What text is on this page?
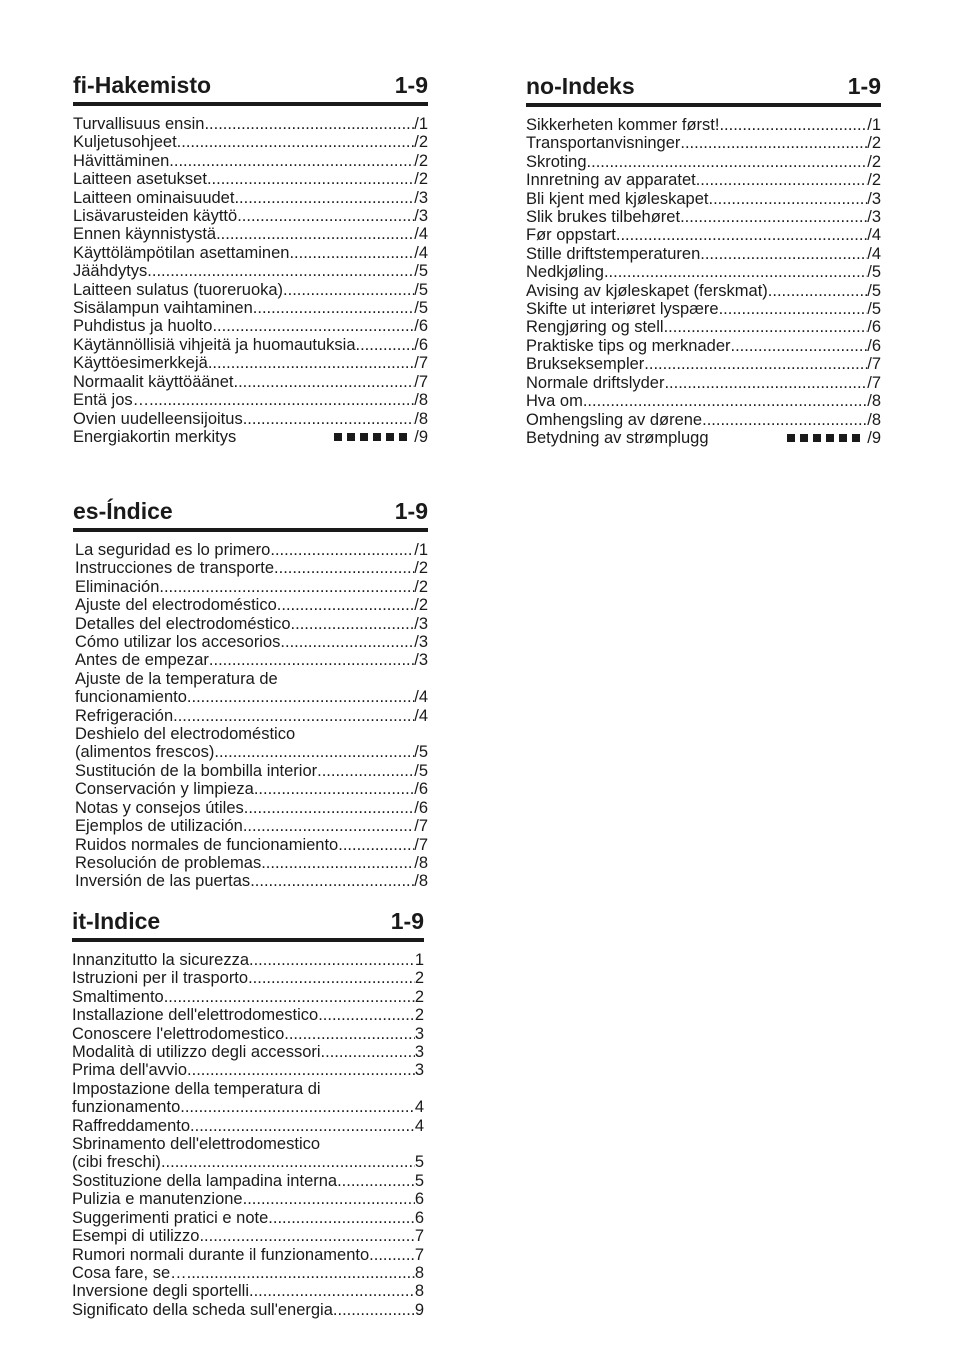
fi-Hakemisto	1-9
Turvallisuus ensin .....	/1
Kuljetusohjeet .....	/2
Hävittäminen .....	/2
Laitteen asetukset .....	/2
Laitteen ominaisuudet .....	/3
Lisävarusteiden käyttö .....	/3
Ennen käynnistystä .....	/4
Käyttölämpötilan asettaminen .....	/4
Jäähdytys .....	/5
Laitteen sulatus (tuoreruoka) .....	/5
Sisälampun vaihtaminen .....	/5
Puhdistus ja huolto .....	/6
Käytännöllisiä vihjeitä ja huomautuksia .....	/6
Käyttöesimerkkejä .....	/7
Normaalit käyttöäänet .....	/7
Entä jos… .....	/8
Ovien uudelleensijoitus .....	/8
Energiakortin merkitys	/9
no-Indeks	1-9
Sikkerheten kommer først! .....	/1
Transportanvisninger .....	/2
Skroting .....	/2
Innretning av apparatet .....	/2
Bli kjent med kjøleskapet .....	/3
Slik brukes tilbehøret .....	/3
Før oppstart .....	/4
Stille driftstemperaturen .....	/4
Nedkjøling .....	/5
Avising av kjøleskapet (ferskmat) .....	/5
Skifte ut interiøret lyspære .....	/5
Rengjøring og stell .....	/6
Praktiske tips og merknader .....	/6
Brukseksempler .....	/7
Normale driftslyder .....	/7
Hva om.. .....	/8
Omhengsling av dørene .....	/8
Betydning av strømplugg	/9
es-Índice	1-9
La seguridad es lo primero .....	/1
Instrucciones de transporte .....	/2
Eliminación .....	/2
Ajuste del electrodoméstico .....	/2
Detalles del electrodoméstico .....	/3
Cómo utilizar los accesorios .....	/3
Antes de empezar .....	/3
Ajuste de la temperatura de
funcionamiento .....	/4
Refrigeración .....	/4
Deshielo del electrodoméstico
(alimentos frescos) .....	/5
Sustitución de la bombilla interior .....	/5
Conservación y limpieza .....	/6
Notas y consejos útiles .....	/6
Ejemplos de utilización .....	/7
Ruidos normales de funcionamiento .....	/7
Resolución de problemas .....	/8
Inversión de las puertas .....	/8
it-Indice	1-9
Innanzitutto la sicurezza .....	1
Istruzioni per il trasporto .....	2
Smaltimento .....	2
Installazione dell'elettrodomestico .....	2
Conoscere l'elettrodomestico .....	3
Modalità di utilizzo degli accessori .....	3
Prima dell'avvio .....	3
Impostazione della temperatura di
funzionamento .....	4
Raffreddamento .....	4
Sbrinamento dell'elettrodomestico
(cibi freschi) .....	5
Sostituzione della lampadina interna .....	5
Pulizia e manutenzione .....	6
Suggerimenti pratici e note .....	6
Esempi di utilizzo .....	7
Rumori normali durante il funzionamento .....	7
Cosa fare, se… .....	8
Inversione degli sportelli .....	8
Significato della scheda sull'energia .....	9
